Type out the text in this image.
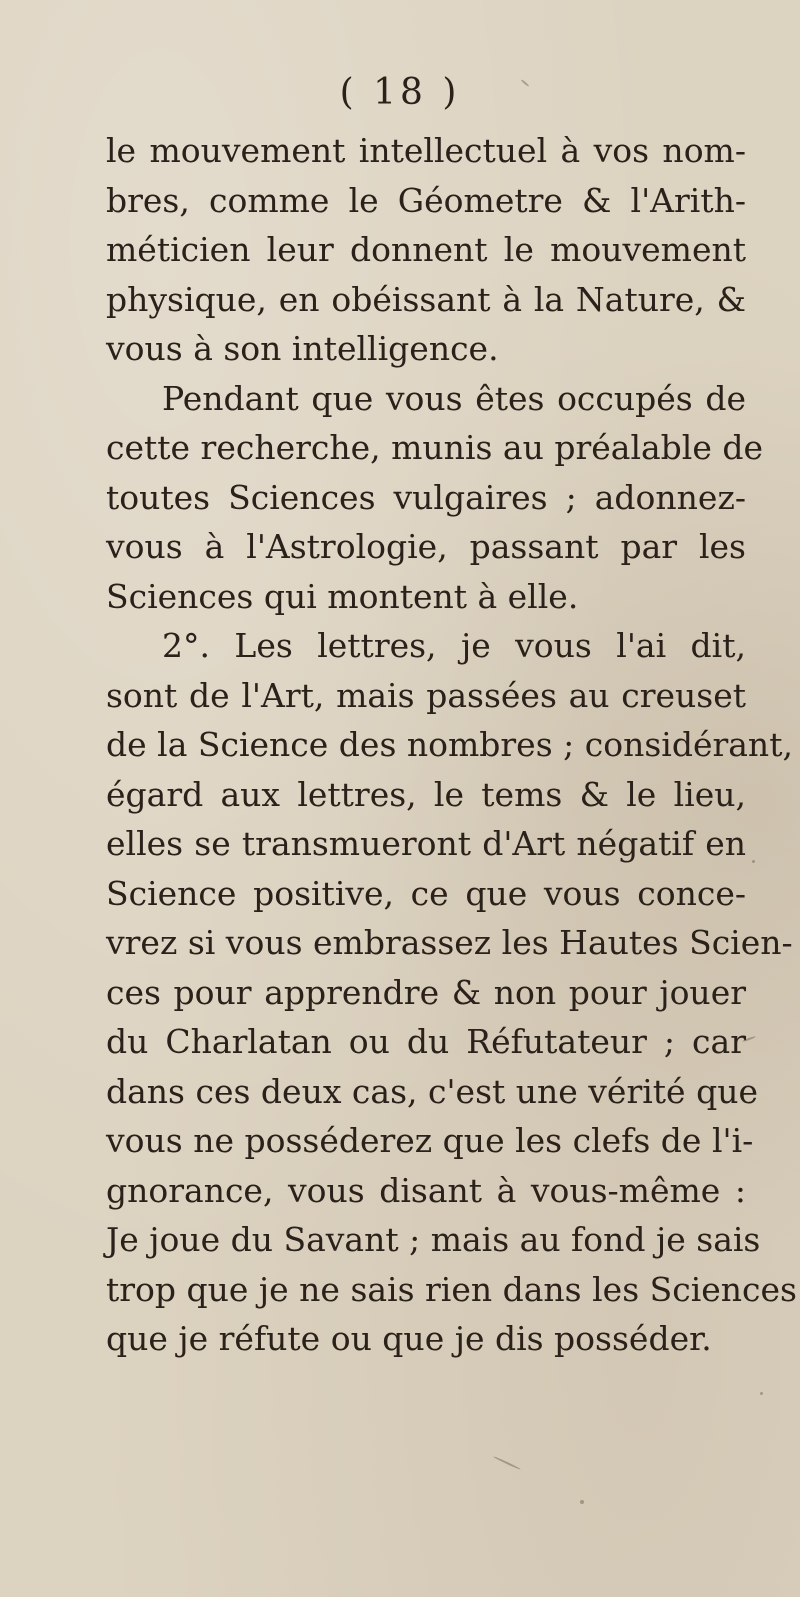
( 18 )
le mouvement intellectuel à vos nom-
bres, comme le Géometre & l'Arith-
méticien leur donnent le mouvement
physique, en obéissant à la Nature, &
vous à son intelligence.
Pendant que vous êtes occupés de
cette recherche, munis au préalable de
toutes Sciences vulgaires ; adonnez-
vous à l'Astrologie, passant par les
Sciences qui montent à elle.
2°. Les lettres, je vous l'ai dit,
sont de l'Art, mais passées au creuset
de la Science des nombres ; considérant,
égard aux lettres, le tems & le lieu,
elles se transmueront d'Art négatif en
Science positive, ce que vous conce-
vrez si vous embrassez les Hautes Scien-
ces pour apprendre & non pour jouer
du Charlatan ou du Réfutateur ; car
dans ces deux cas, c'est une vérité que
vous ne posséderez que les clefs de l'i-
gnorance, vous disant à vous-même :
Je joue du Savant ; mais au fond je sais
trop que je ne sais rien dans les Sciences
que je réfute ou que je dis posséder.
